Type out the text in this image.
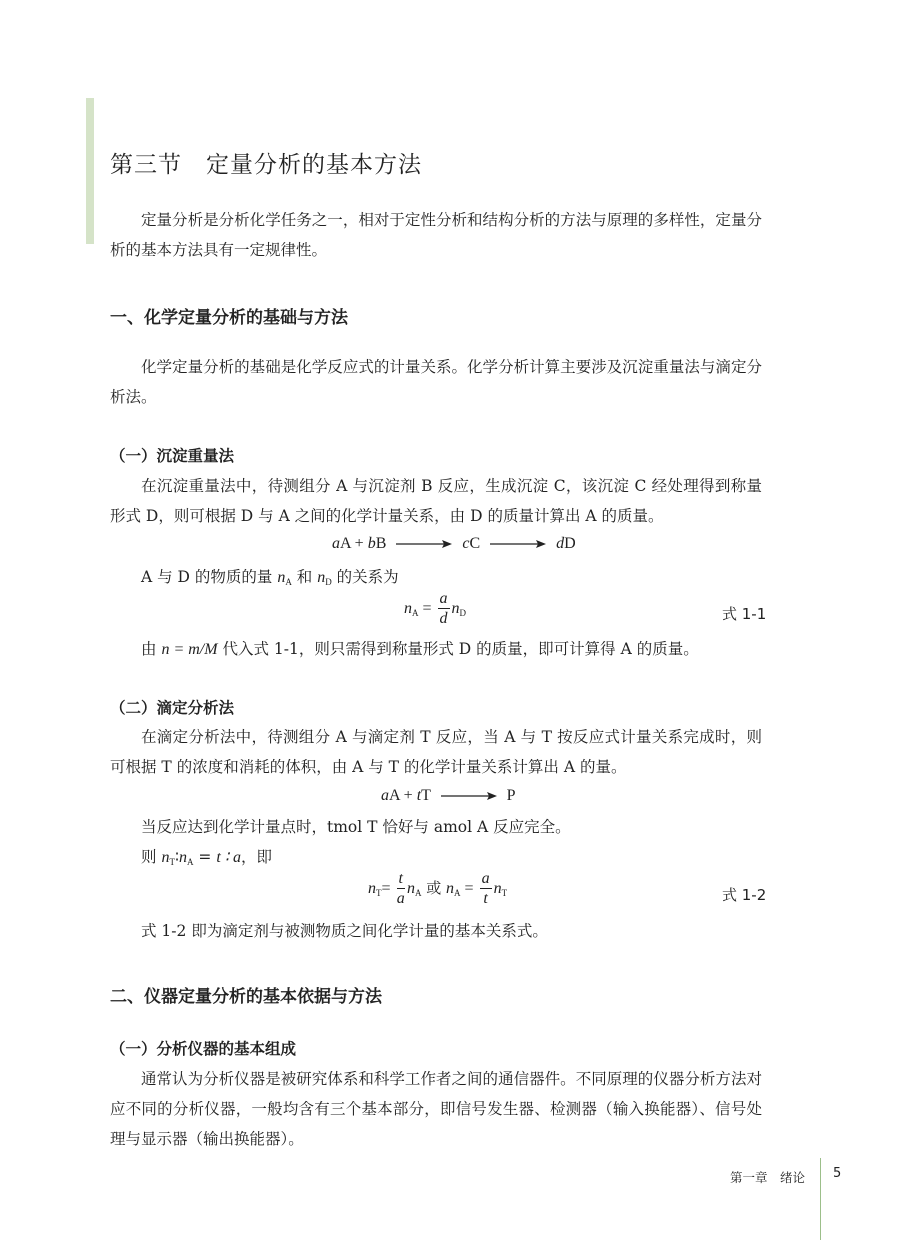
第三节　定量分析的基本方法

定量分析是分析化学任务之一，相对于定性分析和结构分析的方法与原理的多样性，定量分析的基本方法具有一定规律性。

一、化学定量分析的基础与方法

化学定量分析的基础是化学反应式的计量关系。化学分析计算主要涉及沉淀重量法与滴定分析法。

（一）沉淀重量法

在沉淀重量法中，待测组分 A 与沉淀剂 B 反应，生成沉淀 C，该沉淀 C 经处理得到称量形式 D，则可根据 D 与 A 之间的化学计量关系，由 D 的质量计算出 A 的质量。

aA + bB → cC → dD
A 与 D 的物质的量 $n_A$ 和 $n_D$ 的关系为
$n_A = \frac{a}{d} n_D$	式 1-1
由 n = m/M 代入式 1-1，则只需得到称量形式 D 的质量，即可计算得 A 的质量。
（二）滴定分析法

在滴定分析法中，待测组分 A 与滴定剂 T 反应，当 A 与 T 按反应式计量关系完成时，则可根据 T 的浓度和消耗的体积，由 A 与 T 的化学计量关系计算出 A 的量。

aA + tT → P
当反应达到化学计量点时，tmol T 恰好与 amol A 反应完全。
则 $n_T∶n_A = t$ ∶ a，即
$n_T= \frac{t}{a} n_A$ 或 $n_A = \frac{a}{t} n_T$	式 1-2
式 1-2 即为滴定剂与被测物质之间化学计量的基本关系式。
二、仪器定量分析的基本依据与方法
（一）分析仪器的基本组成

通常认为分析仪器是被研究体系和科学工作者之间的通信器件。不同原理的仪器分析方法对应不同的分析仪器，一般均含有三个基本部分，即信号发生器、检测器（输入换能器）、信号处理与显示器（输出换能器）。

第一章　绪论 5
